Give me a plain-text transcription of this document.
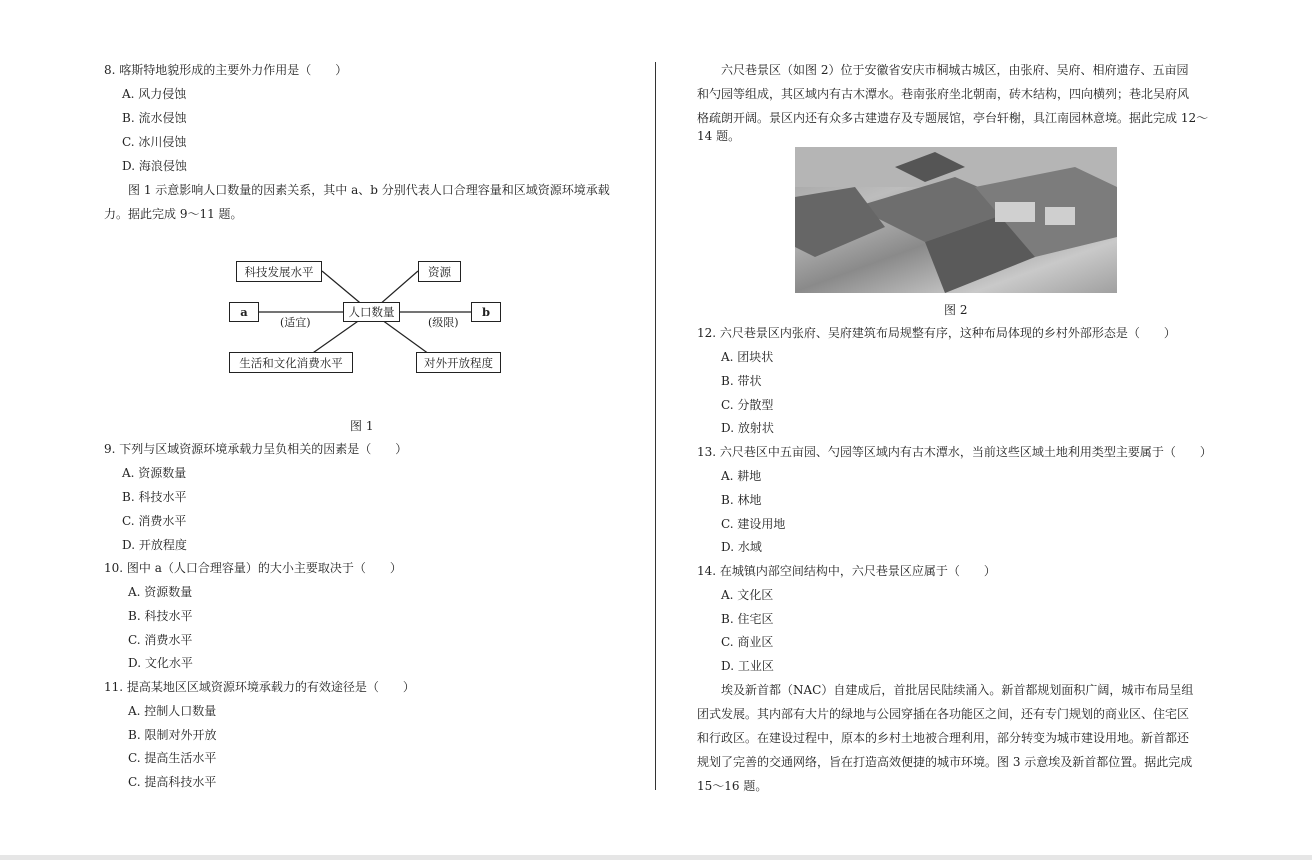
8. 喀斯特地貌形成的主要外力作用是（　　）
A. 风力侵蚀
B. 流水侵蚀
C. 冰川侵蚀
D. 海浪侵蚀
图 1 示意影响人口数量的因素关系，其中 a、b 分别代表人口合理容量和区域资源环境承载
力。据此完成 9～11 题。
科技发展水平	资源
a	人口数量	b
生活和文化消费水平	对外开放程度
(适宜)	(级限)
图 1
9. 下列与区域资源环境承载力呈负相关的因素是（　　）
A. 资源数量
B. 科技水平
C. 消费水平
D. 开放程度
10. 图中 a（人口合理容量）的大小主要取决于（　　）
A. 资源数量
B. 科技水平
C. 消费水平
D. 文化水平
11. 提高某地区区域资源环境承载力的有效途径是（　　）
A. 控制人口数量
B. 限制对外开放
C. 提高生活水平
C. 提高科技水平
六尺巷景区（如图 2）位于安徽省安庆市桐城古城区，由张府、吴府、相府遗存、五亩园
和勺园等组成，其区域内有古木潭水。巷南张府坐北朝南，砖木结构，四向横列；巷北吴府风
格疏朗开阔。景区内还有众多古建遗存及专题展馆，亭台轩榭，具江南园林意境。据此完成 12～
14 题。
图 2
12. 六尺巷景区内张府、吴府建筑布局规整有序，这种布局体现的乡村外部形态是（　　）
A. 团块状
B. 带状
C. 分散型
D. 放射状
13. 六尺巷区中五亩园、勺园等区域内有古木潭水，当前这些区域土地利用类型主要属于（　　）
A. 耕地
B. 林地
C. 建设用地
D. 水域
14. 在城镇内部空间结构中，六尺巷景区应属于（　　）
A. 文化区
B. 住宅区
C. 商业区
D. 工业区
埃及新首都（NAC）自建成后，首批居民陆续涌入。新首都规划面积广阔，城市布局呈组
团式发展。其内部有大片的绿地与公园穿插在各功能区之间，还有专门规划的商业区、住宅区
和行政区。在建设过程中，原本的乡村土地被合理利用，部分转变为城市建设用地。新首都还
规划了完善的交通网络，旨在打造高效便捷的城市环境。图 3 示意埃及新首都位置。据此完成
15～16 题。
